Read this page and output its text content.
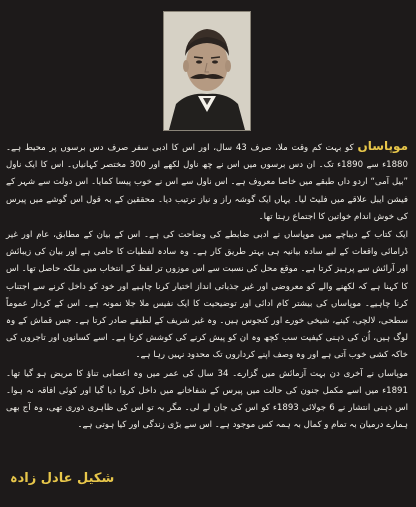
موپاساں کو بہت کم وقت ملا، صرف 43 سال، اور اس کا ادبی سفر صرف دس برسوں پر محیط ہے۔ 1880ء سے 1890ء تک۔ ان دس برسوں میں اس نے چھ ناول لکھے اور 300 مختصر کہانیاں۔ اس کا ایک ناول ”بیل آمی“ اردو داں طبقے میں خاصا معروف ہے۔ اس ناول سے اس نے خوب پیسا کمایا۔ اس دولت سے شہر کے فیشن ایبل علاقے میں فلیٹ لیا۔ یہاں ایک گوشہ راز و نیاز ترتیب دیا۔ محققین کے بہ قول اس گوشے میں پیرس کی خوش اندام خواتین کا اجتماع رہتا تھا۔

ایک کتاب کے دیباچے میں موپاساں نے ادبی ضابطے کی وضاحت کی ہے۔ اس کے بیان کے مطابق، عام اور غیر ڈرامائی واقعات کے لیے سادہ بیانیہ ہی بہتر طریق کار ہے۔ وہ سادہ لفظیات کا حامی ہے اور بیان کی زیبائش اور آرائش سے پرہیز کرتا ہے۔ موقع محل کی نسبت سے اس موزوں تر لفظ کے انتخاب میں ملکہ حاصل تھا۔ اس کا کہنا ہے کہ لکھنے والے کو معروضی اور غیر جذباتی انداز اختیار کرنا چاہیے اور خود کو داخل کرنے سے اجتناب کرنا چاہیے۔ موپاساں کی بیشتر کام ادائی اور توضیحیت کا ایک نفیس ملا جلا نمونہ ہے۔ اس کے کردار عموماً سطحی، لالچی، کینے، شیخی خورے اور کنجوس ہیں۔ وہ غیر شریف کے لطیفے صادر کرتا ہے۔ جس قماش کے وہ لوگ ہیں، اُن کی ذہنی کیفیت سب کچھ وہ ان کو پیش کرنے کی کوشش کرتا ہے۔ اسے کسانوں اور تاجروں کی خاکہ کشی خوب آتی ہے اور وہ وصف اپنے کرداروں تک محدود نہیں رہا ہے۔

موپاساں نے آخری دن بہت آزمائش میں گزارے۔ 34 سال کی عمر میں وہ اعصابی تناؤ کا مریض ہو گیا تھا۔ 1891ء میں اسے مکمل جنون کی حالت میں پیرس کے شفاخانے میں داخل کروا دیا گیا اور کوئی افاقہ نہ ہوا۔ اس ذہنی انتشار نے 6 جولائی 1893ء کو اس کی جان لے لی۔ مگر یہ تو اس کی ظاہری ذوری تھی، وہ آج بھی ہمارے درمیان بہ تمام و کمال بہ ہمہ کس موجود ہے۔ اس سے بڑی زندگی اور کیا ہوتی ہے۔

شکیل عادل زادہ
